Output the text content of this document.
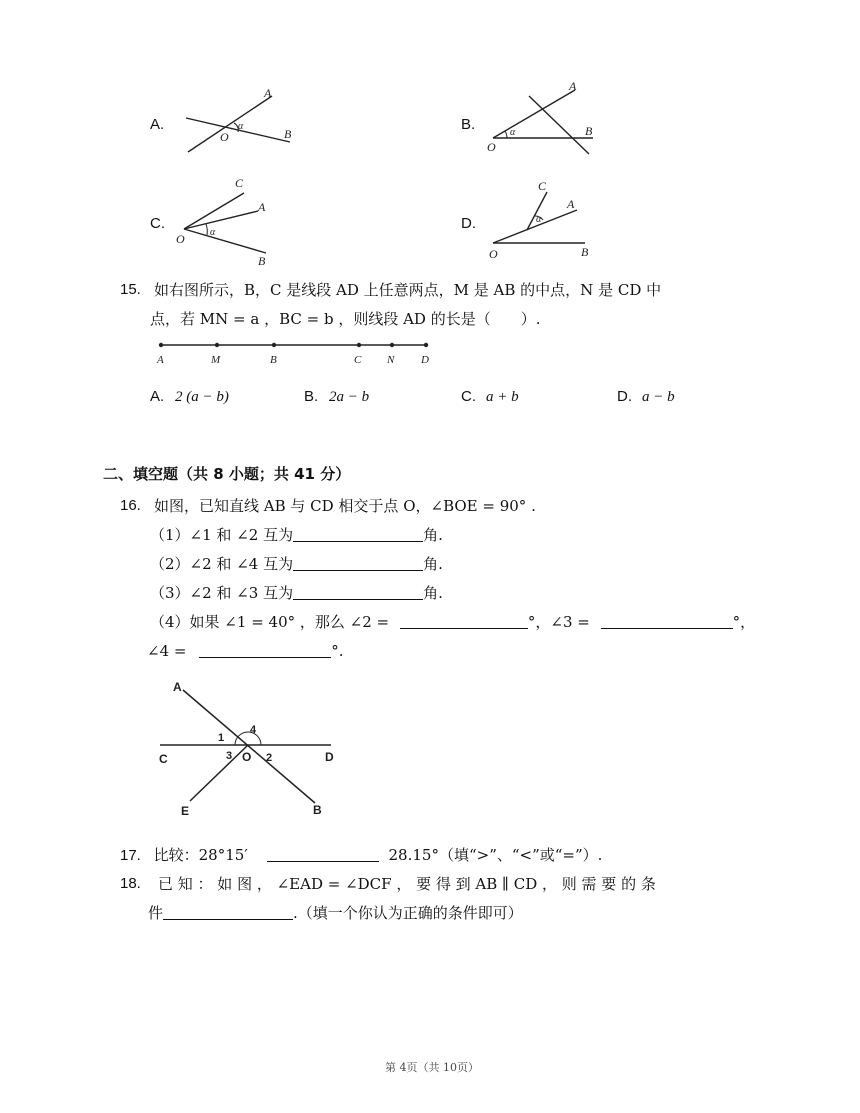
A.
A
O	B
α	B.
A
O
B
α
C.
C
A
O
B
α
D.
C
A
O	B
α
15. 如右图所示，B，C 是线段 AD 上任意两点，M 是 AB 的中点，N 是 CD 中
点，若 MN = a ，BC = b ，则线段 AD 的长是（　　）.
A	M	B	C N D
A. 2 (a − b)	B. 2a − b	C. a + b	D. a − b
二、填空题（共 8 小题；共 41 分）
16. 如图，已知直线 AB 与 CD 相交于点 O，∠BOE = 90° .
（1）∠1 和 ∠2 互为	角.
（2）∠2 和 ∠4 互为	角.
（3）∠2 和 ∠3 互为	角.
（4）如果 ∠1 = 40° ，那么 ∠2 =	°，∠3 =	°，
∠4 =	°.
A
C
E	B
D
O
1
2
3
4
17. 比较：28°15′	28.15°（填“>”、“<”或“=”）.
18. 已 知 ： 如 图 ， ∠EAD = ∠DCF ， 要 得 到 AB ∥ CD ， 则 需 要 的 条
件	.（填一个你认为正确的条件即可）
第 4页（共 10页）
